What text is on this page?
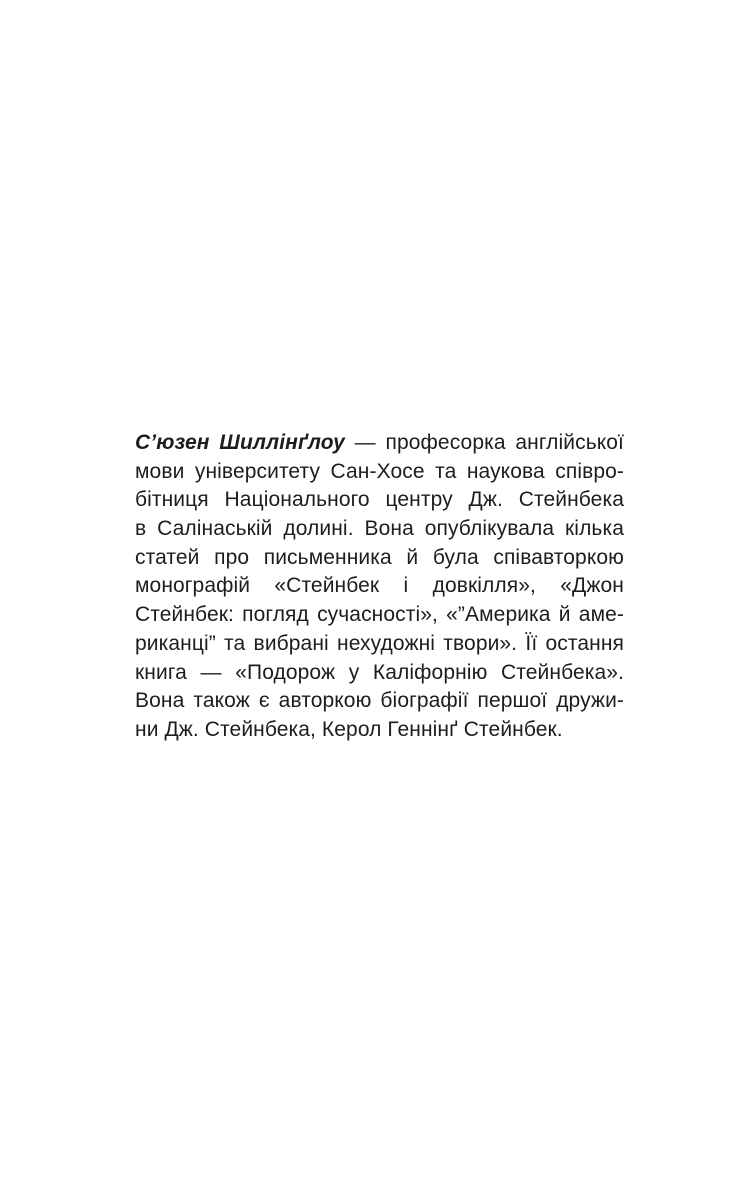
С’юзен Шиллінґлоу — професорка англійської
мови університету Сан-Хосе та наукова співро-
бітниця Національного центру Дж. Стейнбека
в Салінаській долині. Вона опублікувала кілька
статей про письменника й була співавторкою
монографій «Стейнбек і довкілля», «Джон
Стейнбек: погляд сучасності», «”Америка й аме-
риканці” та вибрані нехудожні твори». Її остання
книга — «Подорож у Каліфорнію Стейнбека».
Вона також є авторкою біографії першої дружи-
ни Дж. Стейнбека, Керол Геннінґ Стейнбек.
